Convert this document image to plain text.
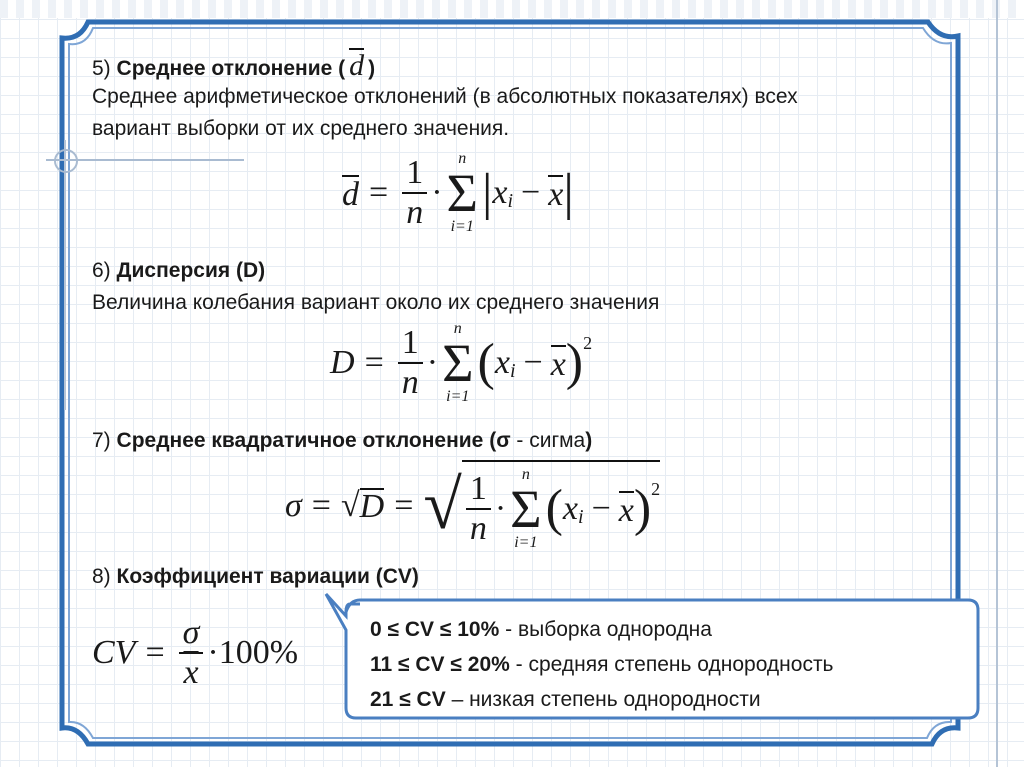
5) Среднее отклонение ( d )
Среднее арифметическое отклонений (в абсолютных показателях) всех
вариант выборки от их среднего значения.
6) Дисперсия (D)
Величина колебания вариант около их среднего значения
7) Среднее квадратичное отклонение (σ - сигма)
8) Коэффициент вариации (CV)
$d = \frac{1}{n}$ ·
n
Σ
i=1
| x i − x |
$D = \frac{1}{n}$ ·
n
Σ
i=1
( x i − x ) 2
σ = √ D = √ $\frac{1}{n}$ ·
n
Σ
i=1
( x i − x ) 2
CV = $\frac{\sigma}{x} \cdot 100\%$
0 ≤ CV ≤ 10% - выборка однородна
11 ≤ CV ≤ 20% - средняя степень однородность
21 ≤ CV – низкая степень однородности
